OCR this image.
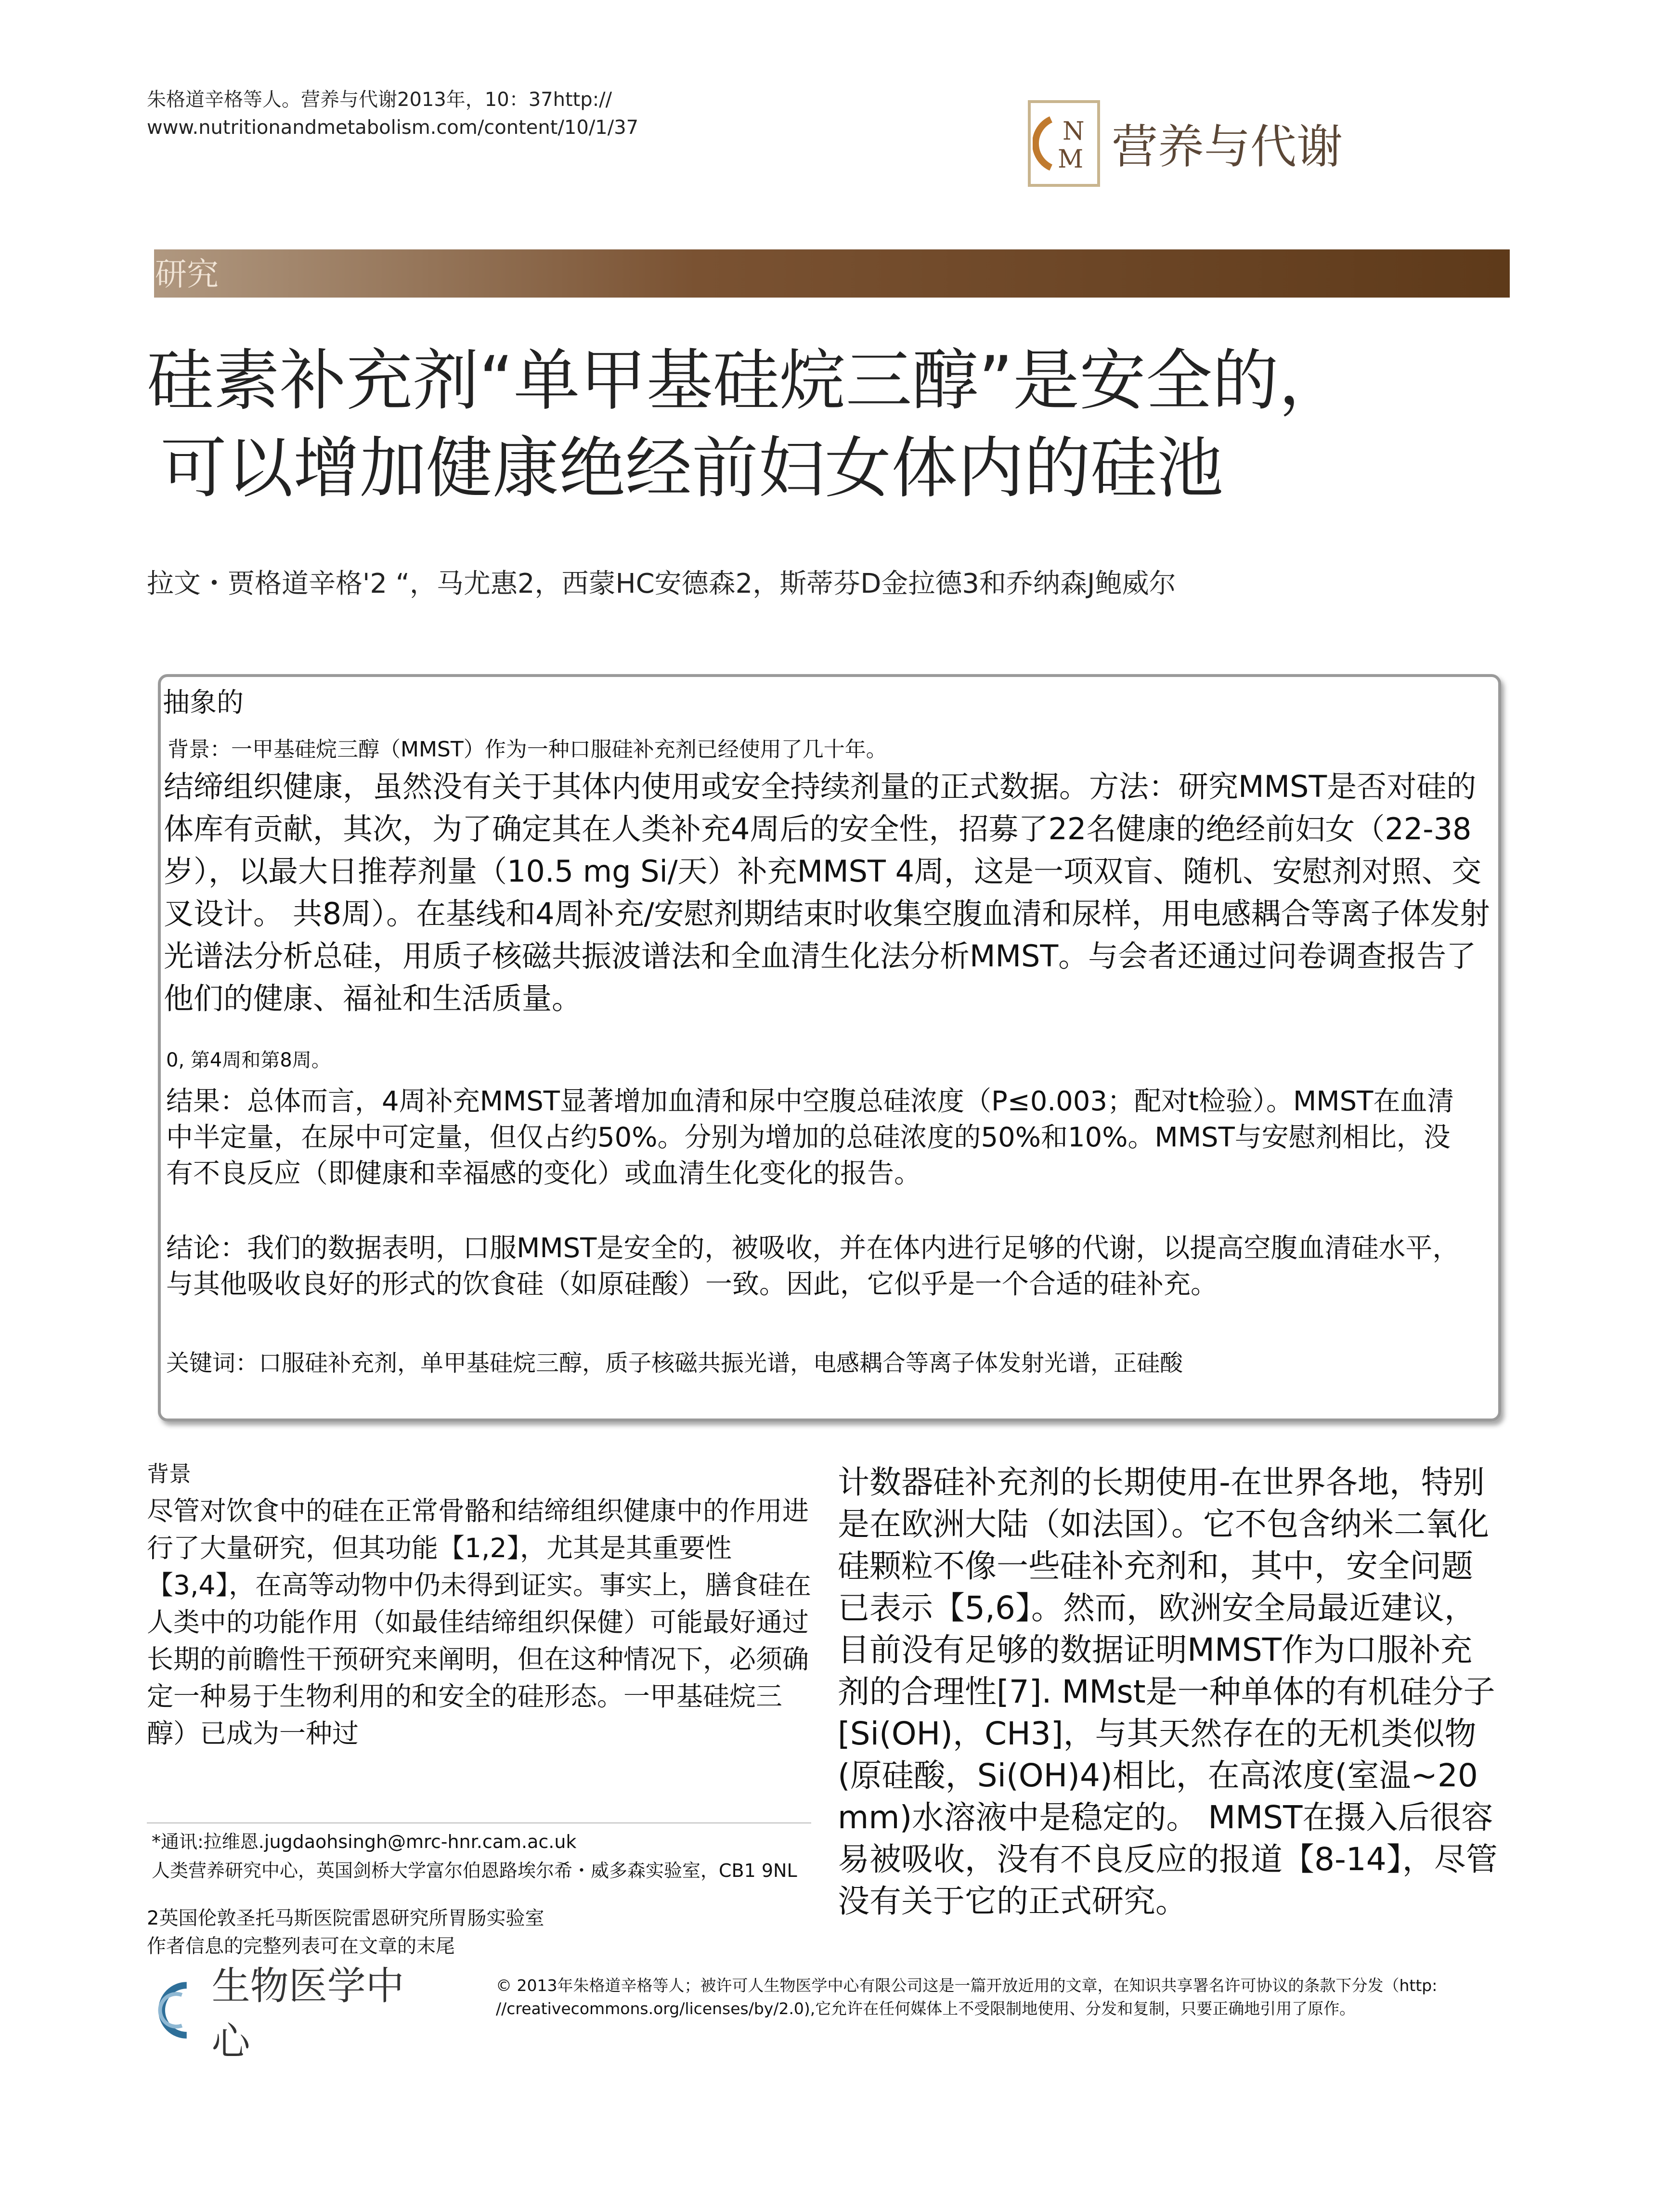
朱格道辛格等人。营养与代谢2013年，10：37http://
www.nutritionandmetabolism.com/content/10/1/37	N
M 营养与代谢
研究
硅素补充剂“单甲基硅烷三醇”是安全的，
可以增加健康绝经前妇女体内的硅池
拉文・贾格道辛格'2 “，马尤惠2，西蒙HC安德森2，斯蒂芬D金拉德3和乔纳森J鲍威尔
抽象的
背景：一甲基硅烷三醇（MMST）作为一种口服硅补充剂已经使用了几十年。
结缔组织健康，虽然没有关于其体内使用或安全持续剂量的正式数据。方法：研究MMST是否对硅的体库有贡献，其次，为了确定其在人类补充4周后的安全性，招募了22名健康的绝经前妇女（22-38岁），以最大日推荐剂量（10.5 mg Si/天）补充MMST 4周，这是一项双盲、随机、安慰剂对照、交叉设计。 共8周）。在基线和4周补充/安慰剂期结束时收集空腹血清和尿样，用电感耦合等离子体发射光谱法分析总硅，用质子核磁共振波谱法和全血清生化法分析MMST。与会者还通过问卷调查报告了他们的健康、福祉和生活质量。
0, 第4周和第8周。
结果：总体而言，4周补充MMST显著增加血清和尿中空腹总硅浓度（P≤0.003；配对t检验）。MMST在血清中半定量，在尿中可定量，但仅占约50%。分别为增加的总硅浓度的50%和10%。MMST与安慰剂相比，没有不良反应（即健康和幸福感的变化）或血清生化变化的报告。
结论：我们的数据表明，口服MMST是安全的，被吸收，并在体内进行足够的代谢，以提高空腹血清硅水平，与其他吸收良好的形式的饮食硅（如原硅酸）一致。因此，它似乎是一个合适的硅补充。
关键词：口服硅补充剂，单甲基硅烷三醇，质子核磁共振光谱，电感耦合等离子体发射光谱，正硅酸
背景
尽管对饮食中的硅在正常骨骼和结缔组织健康中的作用进行了大量研究，但其功能【1,2】，尤其是其重要性【3,4】，在高等动物中仍未得到证实。事实上，膳食硅在人类中的功能作用（如最佳结缔组织保健）可能最好通过长期的前瞻性干预研究来阐明，但在这种情况下，必须确定一种易于生物利用的和安全的硅形态。一甲基硅烷三醇）已成为一种过
计数器硅补充剂的长期使用-在世界各地，特别是在欧洲大陆（如法国）。它不包含纳米二氧化硅颗粒不像一些硅补充剂和，其中，安全问题已表示【5,6】。然而，欧洲安全局最近建议，目前没有足够的数据证明MMST作为口服补充剂的合理性[7]. MMst是一种单体的有机硅分子[Si(OH)，CH3]，与其天然存在的无机类似物(原硅酸，Si(OH)4)相比，在高浓度(室温~20 mm)水溶液中是稳定的。 MMST在摄入后很容易被吸收，没有不良反应的报道【8-14】，尽管没有关于它的正式研究。
*通讯:拉维恩.jugdaohsingh@mrc-hnr.cam.ac.uk
人类营养研究中心，英国剑桥大学富尔伯恩路埃尔希・威多森实验室，CB1 9NL
2英国伦敦圣托马斯医院雷恩研究所胃肠实验室
作者信息的完整列表可在文章的末尾
生物医学中心
© 2013年朱格道辛格等人；被许可人生物医学中心有限公司这是一篇开放近用的文章，在知识共享署名许可协议的条款下分发（http: //creativecommons.org/licenses/by/2.0),它允许在任何媒体上不受限制地使用、分发和复制，只要正确地引用了原作。
